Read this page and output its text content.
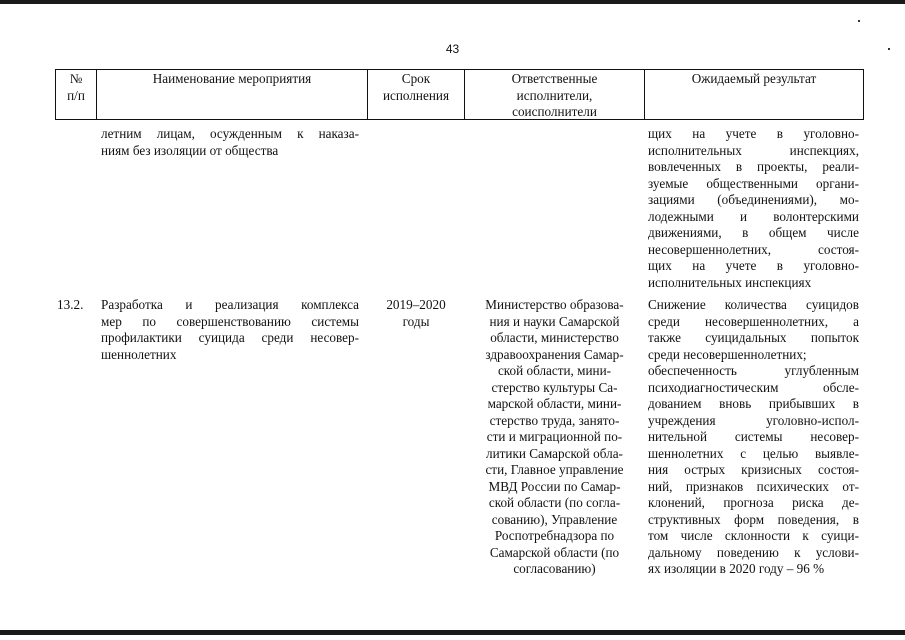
43
№
п/п
Наименование мероприятия	Срок
исполнения
Ответственные
исполнители,
соисполнители
Ожидаемый результат
летним лицам, осужденным к наказа-
ниям без изоляции от общества
щих на учете в уголовно-
исполнительных инспекциях,
вовлеченных в проекты, реали-
зуемые общественными органи-
зациями (объединениями), мо-
лодежными и волонтерскими
движениями, в общем числе
несовершеннолетних, состоя-
щих на учете в уголовно-
исполнительных инспекциях
13.2.	Разработка и реализация комплекса
мер по совершенствованию системы
профилактики суицида среди несовер-
шеннолетних
2019–2020
годы
Министерство образова-
ния и науки Самарской
области, министерство
здравоохранения Самар-
ской области, мини-
стерство культуры Са-
марской области, мини-
стерство труда, занято-
сти и миграционной по-
литики Самарской обла-
сти, Главное управление
МВД России по Самар-
ской области (по согла-
сованию), Управление
Роспотребнадзора по
Самарской области (по
согласованию)
Снижение количества суицидов
среди несовершеннолетних, а
также суицидальных попыток
среди несовершеннолетних;
обеспеченность углубленным
психодиагностическим обсле-
дованием вновь прибывших в
учреждения уголовно-испол-
нительной системы несовер-
шеннолетних с целью выявле-
ния острых кризисных состоя-
ний, признаков психических от-
клонений, прогноза риска де-
структивных форм поведения, в
том числе склонности к суици-
дальному поведению к услови-
ях изоляции в 2020 году – 96 %
